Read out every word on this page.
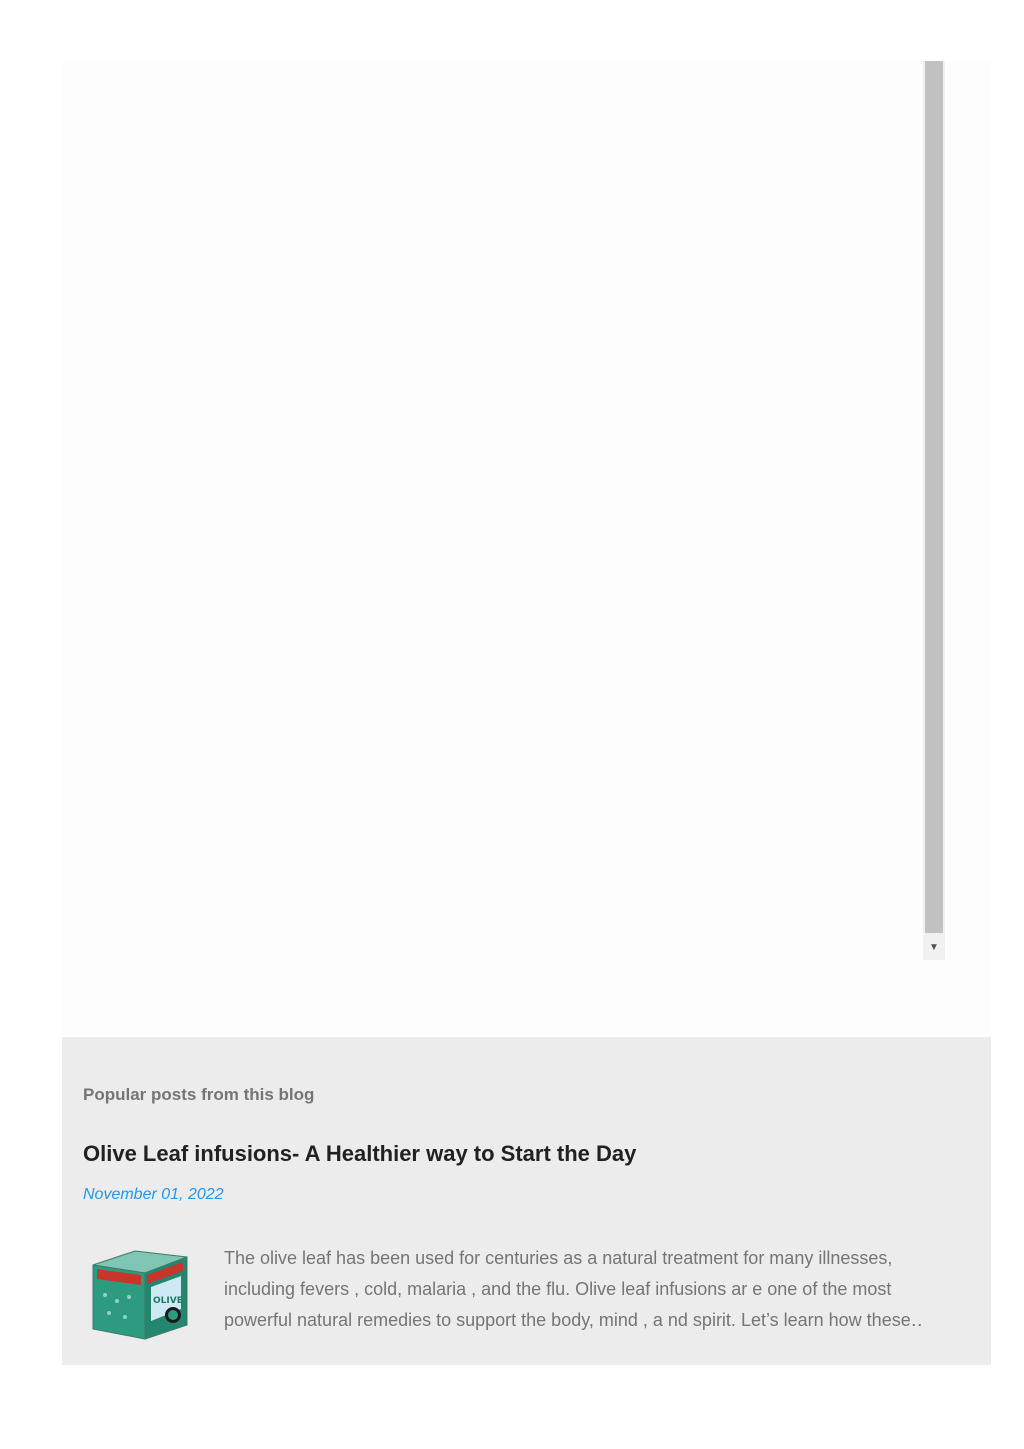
▼
Popular posts from this blog
Olive Leaf infusions- A Healthier way to Start the Day
November 01, 2022
OLIVE
The olive leaf has been used for centuries as a natural treatment for many illnesses,
including fevers , cold, malaria , and the flu. Olive leaf infusions ar e one of the most
powerful natural remedies to support the body, mind , a nd spirit. Let’s learn how these‥
